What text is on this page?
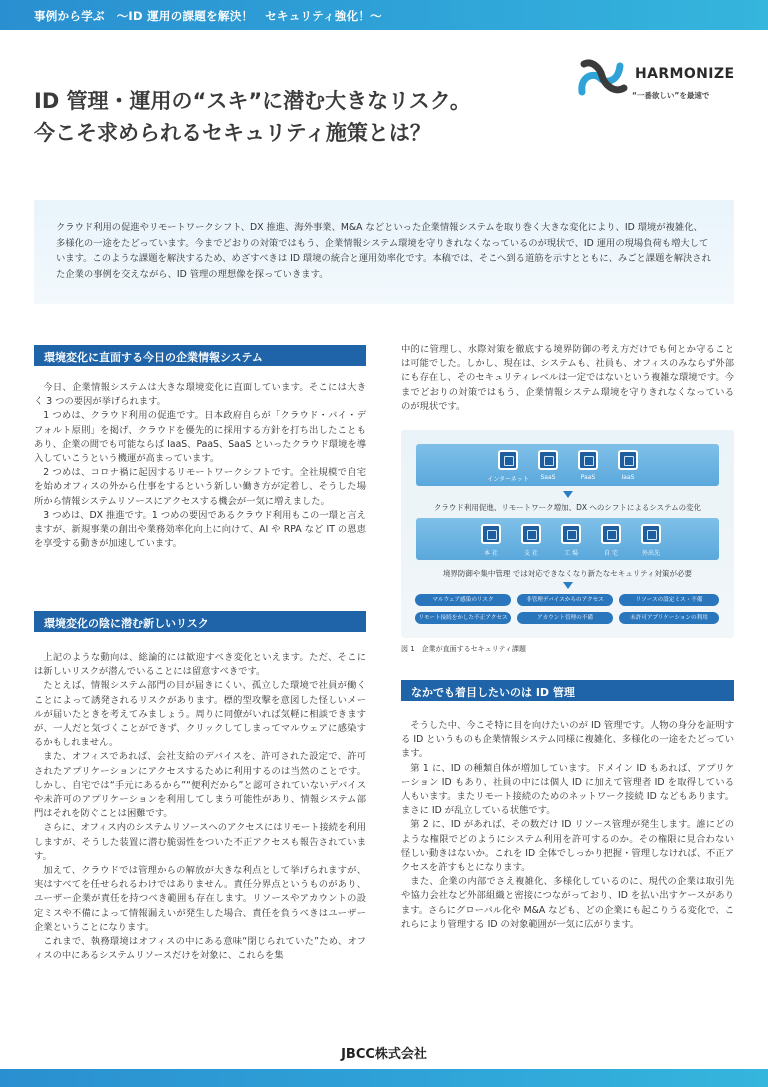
事例から学ぶ　～ID 運用の課題を解決！　セキュリティ強化！～
HARMONIZE
“一番欲しい”を最速で
ID 管理・運用の“スキ”に潜む大きなリスク。
今こそ求められるセキュリティ施策とは？

クラウド利用の促進やリモートワークシフト、DX 推進、海外事業、M&A などといった企業情報システムを取り巻く大きな変化により、ID 環境が複雑化、多様化の一途をたどっています。今までどおりの対策ではもう、企業情報システム環境を守りきれなくなっているのが現状で、ID 運用の現場負荷も増大しています。このような課題を解決するため、めざすべきは ID 環境の統合と運用効率化です。本稿では、そこへ到る道筋を示すとともに、みごと課題を解決された企業の事例を交えながら、ID 管理の理想像を探っていきます。

環境変化に直面する今日の企業情報システム

今日、企業情報システムは大きな環境変化に直面しています。そこには大きく 3 つの要因が挙げられます。

1 つめは、クラウド利用の促進です。日本政府自らが「クラウド・バイ・デフォルト原則」を掲げ、クラウドを優先的に採用する方針を打ち出したこともあり、企業の間でも可能ならば IaaS、PaaS、SaaS といったクラウド環境を導入していこうという機運が高まっています。

2 つめは、コロナ禍に起因するリモートワークシフトです。全社規模で自宅を始めオフィスの外から仕事をするという新しい働き方が定着し、そうした場所から情報システムリソースにアクセスする機会が一気に増えました。

3 つめは、DX 推進です。1 つめの要因であるクラウド利用もこの一環と言えますが、新規事業の創出や業務効率化向上に向けて、AI や RPA など IT の恩恵を享受する動きが加速しています。

環境変化の陰に潜む新しいリスク

上記のような動向は、総論的には歓迎すべき変化といえます。ただ、そこには新しいリスクが潜んでいることには留意すべきです。

たとえば、情報システム部門の目が届きにくい、孤立した環境で社員が働くことによって誘発されるリスクがあります。標的型攻撃を意図した怪しいメールが届いたときを考えてみましょう。周りに同僚がいれば気軽に相談できますが、一人だと気づくことができず、クリックしてしまってマルウェアに感染するかもしれません。

また、オフィスであれば、会社支給のデバイスを、許可された設定で、許可されたアプリケーションにアクセスするために利用するのは当然のことです。しかし、自宅では“手元にあるから”“便利だから”と認可されていないデバイスや未許可のアプリケーションを利用してしまう可能性があり、情報システム部門はそれを防ぐことは困難です。

さらに、オフィス内のシステムリソースへのアクセスにはリモート接続を利用しますが、そうした装置に潜む脆弱性をついた不正アクセスも報告されています。

加えて、クラウドでは管理からの解放が大きな利点として挙げられますが、実はすべてを任せられるわけではありません。責任分界点というものがあり、ユーザー企業が責任を持つべき範囲も存在します。リソースやアカウントの設定ミスや不備によって情報漏えいが発生した場合、責任を負うべきはユーザー企業ということになります。

これまで、執務環境はオフィスの中にある意味“閉じられていた”ため、オフィスの中にあるシステムリソースだけを対象に、これらを集

中的に管理し、水際対策を徹底する境界防御の考え方だけでも何とか守ることは可能でした。しかし、現在は、システムも、社員も、オフィスのみならず外部にも存在し、そのセキュリティレベルは一定ではないという複雑な環境です。今までどおりの対策ではもう、企業情報システム環境を守りきれなくなっているのが現状です。

インターネット	SaaS	PaaS	IaaS
クラウド利用促進、リモートワーク増加、DX へのシフトによるシステムの変化
本 社	支 社	工 場	自 宅	外出先
境界防御や集中管理 では対応できなくなり新たなセキュリティ対策が必要
マルウェア感染のリスク	非管理デバイスからのアクセス	リソースの設定ミス・不備
リモート接続をかした不正アクセス	アカウント管理の不備	未許可アプリケーションの利用
図 1　企業が直面するセキュリティ課題
なかでも着目したいのは ID 管理

そうした中、今こそ特に目を向けたいのが ID 管理です。人物の身分を証明する ID というものも企業情報システム同様に複雑化、多様化の一途をたどっています。

第 1 に、ID の種類自体が増加しています。ドメイン ID もあれば、アプリケーション ID もあり、社員の中には個人 ID に加えて管理者 ID を取得している人もいます。またリモート接続のためのネットワーク接続 ID などもあります。まさに ID が乱立している状態です。

第 2 に、ID があれば、その数だけ ID リソース管理が発生します。誰にどのような権限でどのようにシステム利用を許可するのか。その権限に見合わない怪しい動きはないか。これを ID 全体でしっかり把握・管理しなければ、不正アクセスを許すもとになります。

また、企業の内部でさえ複雑化、多様化しているのに、現代の企業は取引先や協力会社など外部組織と密接につながっており、ID を払い出すケースがあります。さらにグローバル化や M&A なども、どの企業にも起こりうる変化で、これらにより管理する ID の対象範囲が一気に広がります。

JBCC株式会社
